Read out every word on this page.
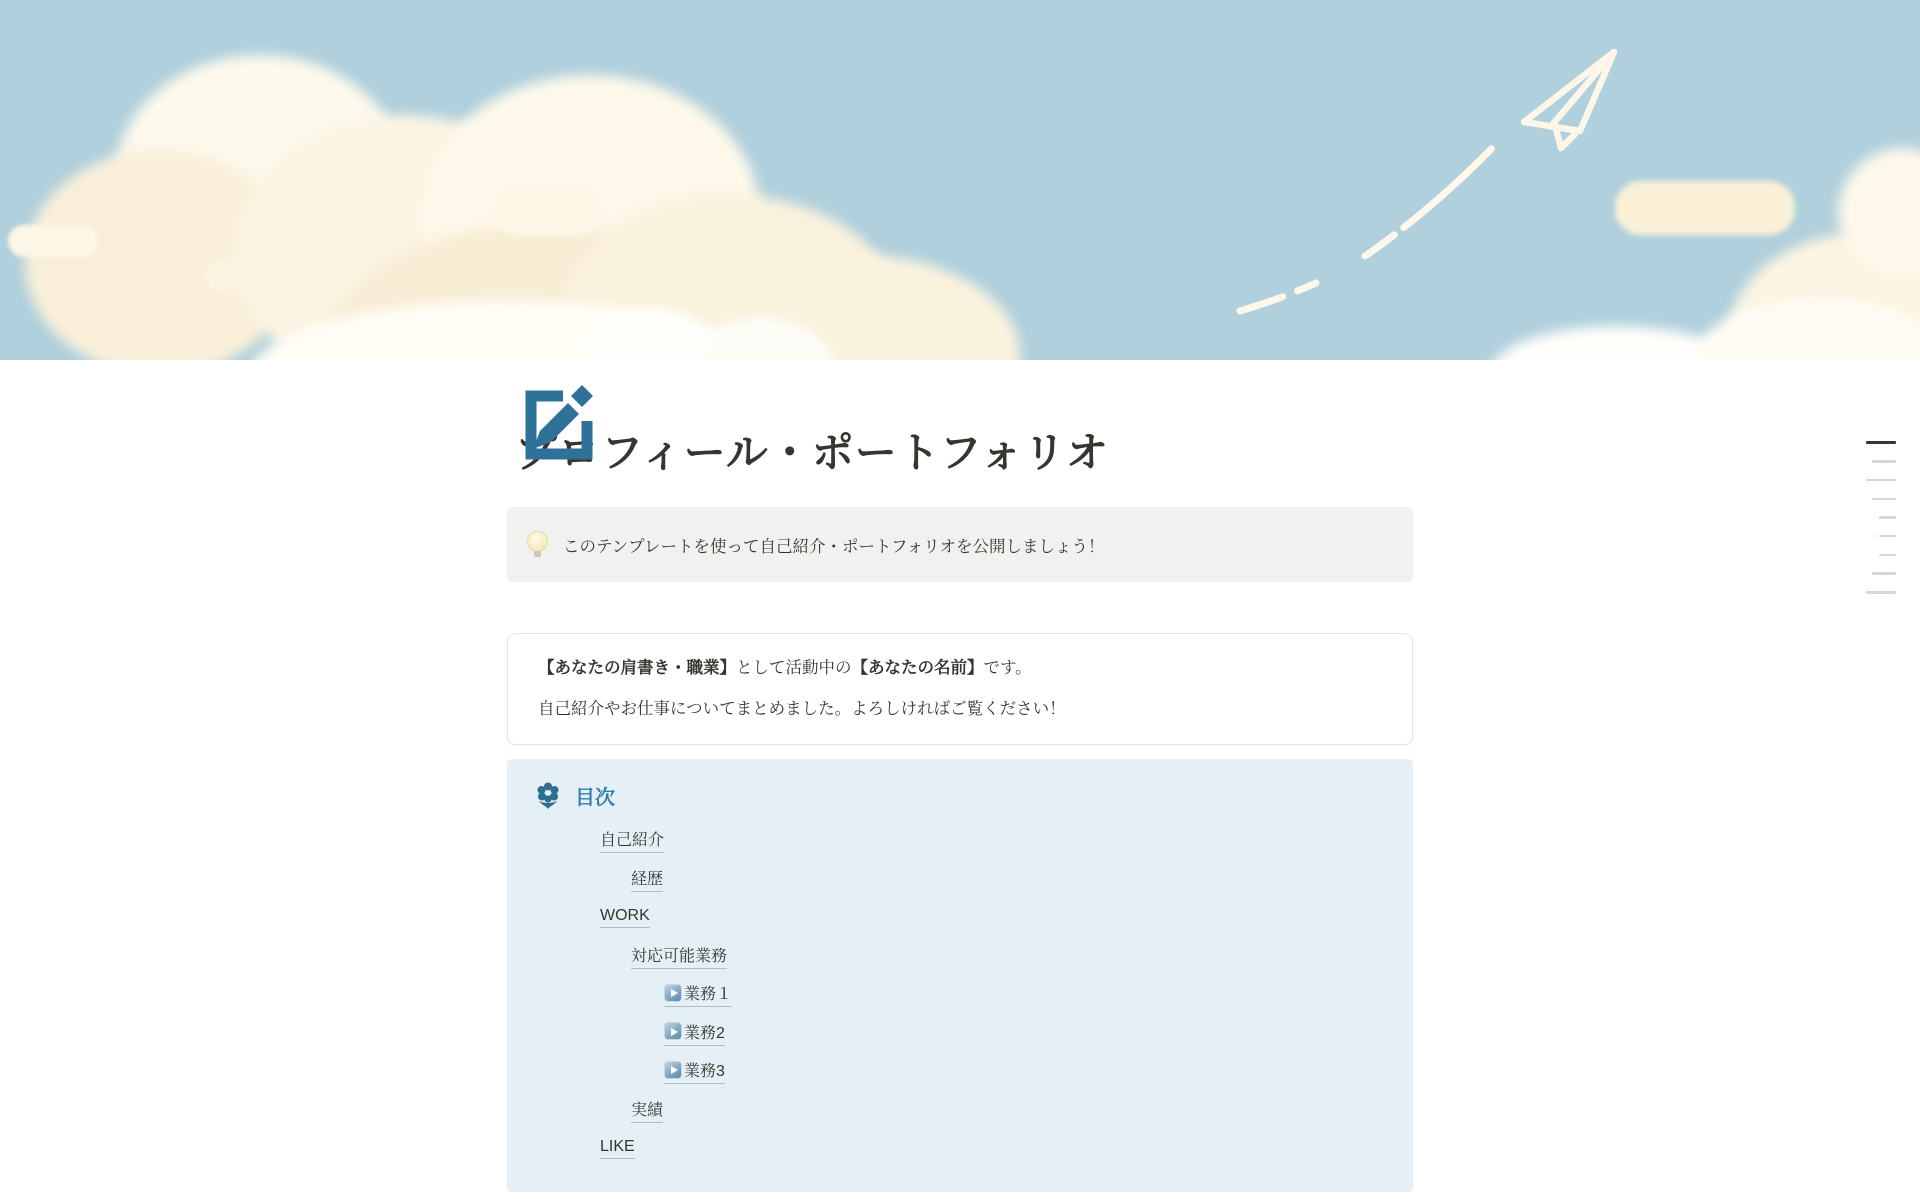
プロフィール・ポートフォリオ
このテンプレートを使って自己紹介・ポートフォリオを公開しましょう！

【あなたの肩書き・職業】として活動中の【あなたの名前】です。

自己紹介やお仕事についてまとめました。よろしければご覧ください！

目次
自己紹介
経歴
WORK
対応可能業務
業務１
業務2
業務3
実績
LIKE
